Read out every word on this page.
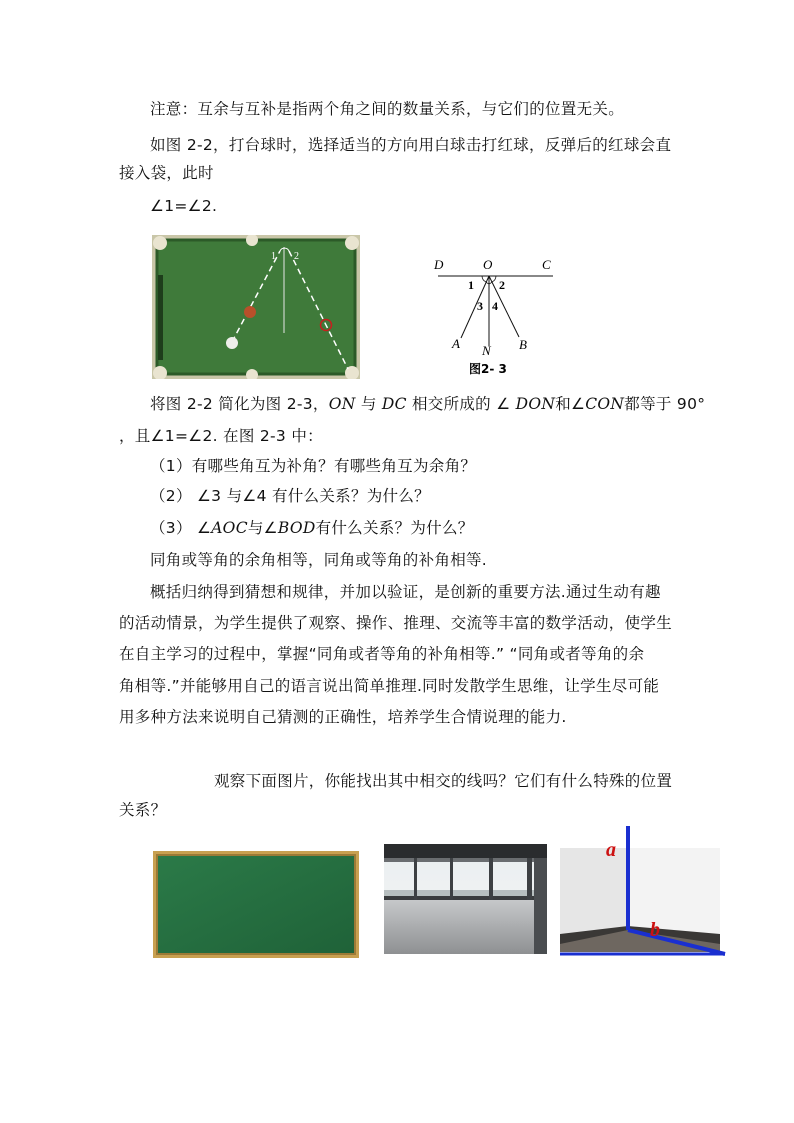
注意：互余与互补是指两个角之间的数量关系，与它们的位置无关。
如图 2-2，打台球时，选择适当的方向用白球击打红球，反弹后的红球会直
接入袋，此时
∠1=∠2.
1 2
D	O	C
1 2
3 4
A N B
图2- 3
将图 2-2 简化为图 2-3，ON 与 DC 相交所成的 ∠ DON和∠CON都等于 90°
，且∠1=∠2. 在图 2-3 中：
（1）有哪些角互为补角？有哪些角互为余角？
（2） ∠3 与∠4 有什么关系？为什么？
（3） ∠AOC与∠BOD有什么关系？为什么？
同角或等角的余角相等，同角或等角的补角相等.
概括归纳得到猜想和规律，并加以验证，是创新的重要方法.通过生动有趣
的活动情景，为学生提供了观察、操作、推理、交流等丰富的数学活动，使学生
在自主学习的过程中，掌握“同角或者等角的补角相等.” “同角或者等角的余
角相等.”并能够用自己的语言说出简单推理.同时发散学生思维，让学生尽可能
用多种方法来说明自己猜测的正确性，培养学生合情说理的能力.
观察下面图片，你能找出其中相交的线吗？它们有什么特殊的位置
关系？
a
b
